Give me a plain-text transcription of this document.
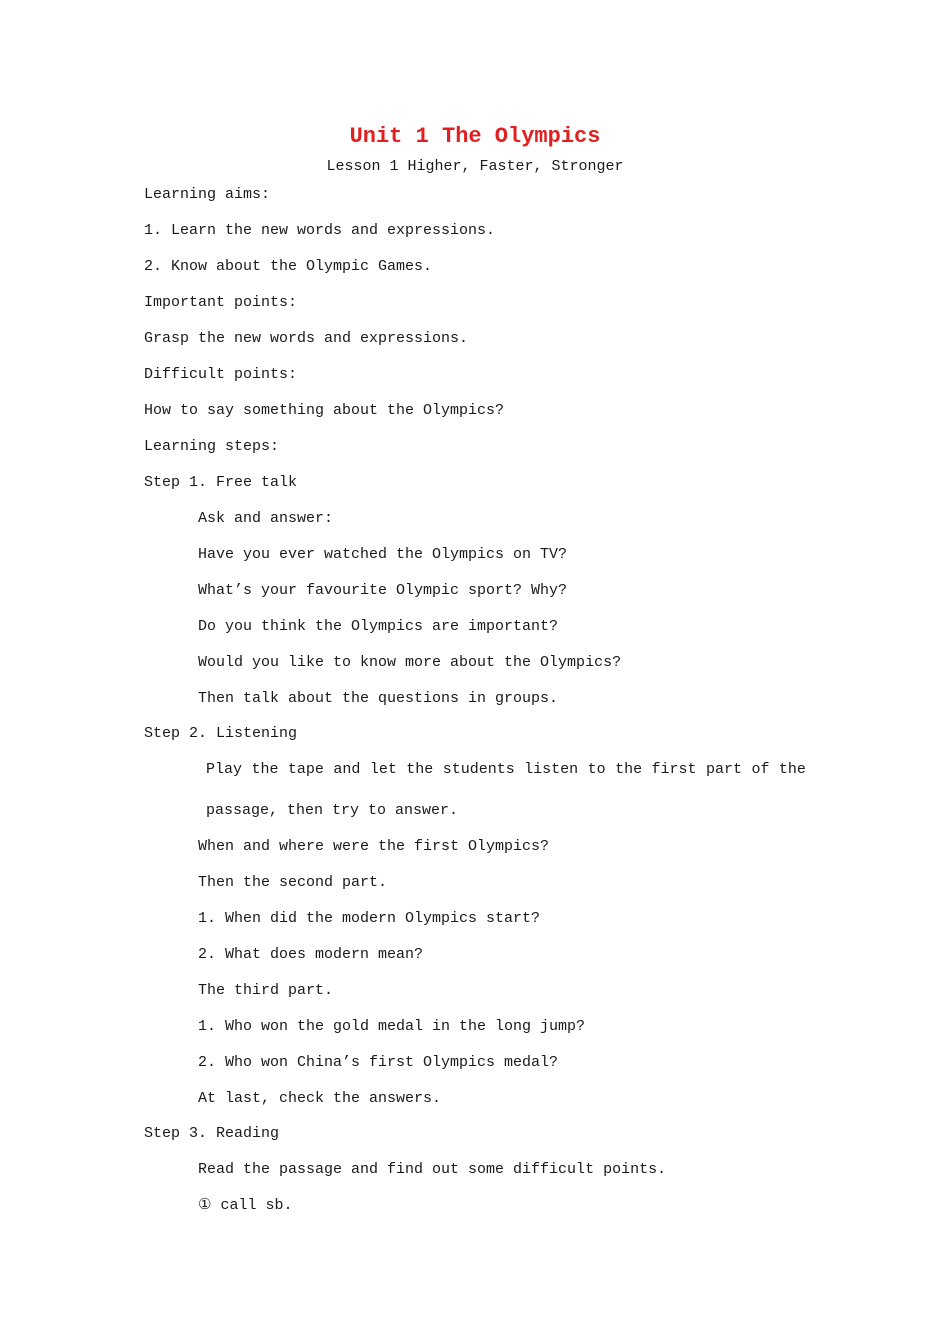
Unit 1 The Olympics
Lesson 1 Higher, Faster, Stronger
Learning aims:
1. Learn the new words and expressions.
2. Know about the Olympic Games.
Important points:
Grasp the new words and expressions.
Difficult points:
How to say something about the Olympics?
Learning steps:
Step 1. Free talk
Ask and answer:
Have you ever watched the Olympics on TV?
What’s your favourite Olympic sport? Why?
Do you think the Olympics are important?
Would you like to know more about the Olympics?
Then talk about the questions in groups.
Step 2. Listening
Play the tape and let the students listen to the first part of the
passage, then try to answer.
When and where were the first Olympics?
Then the second part.
1. When did the modern Olympics start?
2. What does modern mean?
The third part.
1. Who won the gold medal in the long jump?
2. Who won China’s first Olympics medal?
At last, check the answers.
Step 3. Reading
Read the passage and find out some difficult points.
① call sb.
